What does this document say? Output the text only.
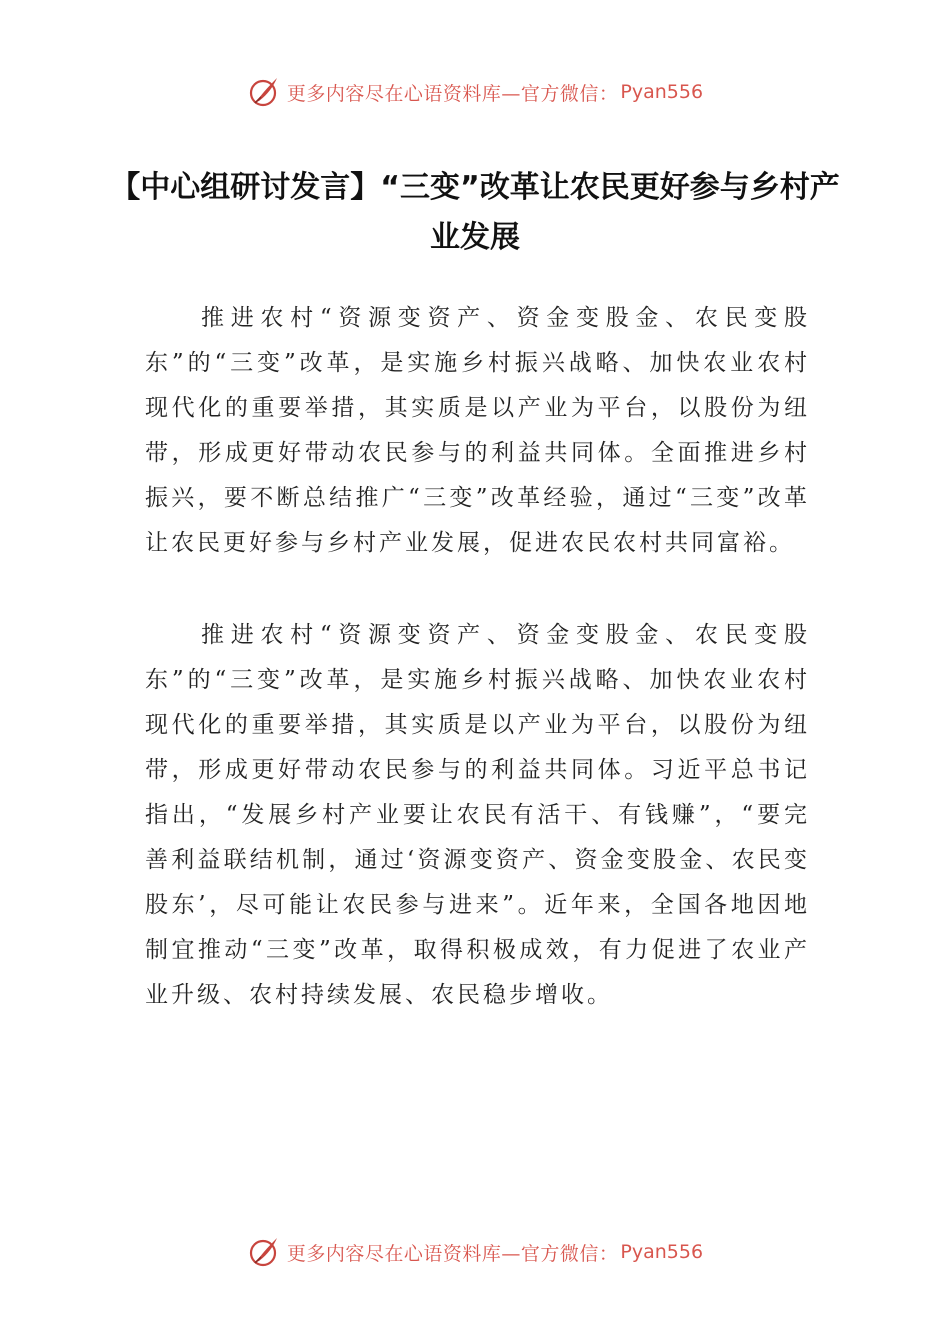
更多内容尽在心语资料库—官方微信： Pyan556
【中心组研讨发言】“三变”改革让农民更好参与乡村产业发展

推进农村“资源变资产、资金变股金、农民变股东”的“三变”改革，是实施乡村振兴战略、加快农业农村现代化的重要举措，其实质是以产业为平台，以股份为纽带，形成更好带动农民参与的利益共同体。全面推进乡村振兴，要不断总结推广“三变”改革经验，通过“三变”改革让农民更好参与乡村产业发展，促进农民农村共同富裕。

推进农村“资源变资产、资金变股金、农民变股东”的“三变”改革，是实施乡村振兴战略、加快农业农村现代化的重要举措，其实质是以产业为平台，以股份为纽带，形成更好带动农民参与的利益共同体。习近平总书记指出，“发展乡村产业要让农民有活干、有钱赚”，“要完善利益联结机制，通过‘资源变资产、资金变股金、农民变股东’，尽可能让农民参与进来”。近年来，全国各地因地制宜推动“三变”改革，取得积极成效，有力促进了农业产业升级、农村持续发展、农民稳步增收。

更多内容尽在心语资料库—官方微信： Pyan556
